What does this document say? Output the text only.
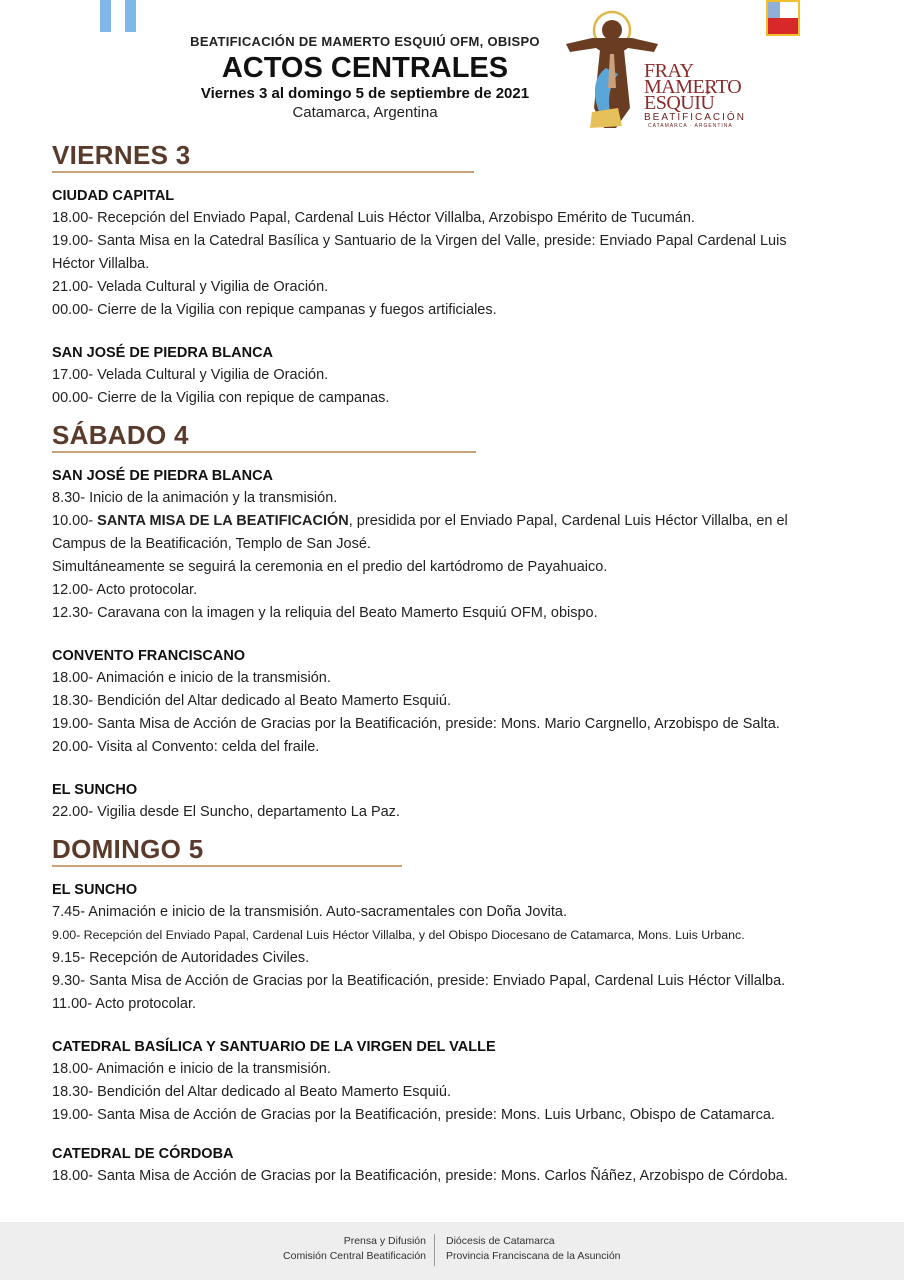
BEATIFICACIÓN DE MAMERTO ESQUIÚ OFM, OBISPO
ACTOS CENTRALES
Viernes 3 al domingo 5 de septiembre de 2021
Catamarca, Argentina
FRAY
MAMERTO
ESQUIÚ
BEATIFICACIÓN
CATAMARCA · ARGENTINA
VIERNES 3
CIUDAD CAPITAL
18.00- Recepción del Enviado Papal, Cardenal Luis Héctor Villalba, Arzobispo Emérito de Tucumán.
19.00- Santa Misa en la Catedral Basílica y Santuario de la Virgen del Valle, preside: Enviado Papal Cardenal Luis
Héctor Villalba.
21.00- Velada Cultural y Vigilia de Oración.
00.00- Cierre de la Vigilia con repique campanas y fuegos artificiales.
SAN JOSÉ DE PIEDRA BLANCA
17.00- Velada Cultural y Vigilia de Oración.
00.00- Cierre de la Vigilia con repique de campanas.
SÁBADO 4
SAN JOSÉ DE PIEDRA BLANCA
8.30- Inicio de la animación y la transmisión.
10.00- SANTA MISA DE LA BEATIFICACIÓN, presidida por el Enviado Papal, Cardenal Luis Héctor Villalba, en el
Campus de la Beatificación, Templo de San José.
Simultáneamente se seguirá la ceremonia en el predio del kartódromo de Payahuaico.
12.00- Acto protocolar.
12.30- Caravana con la imagen y la reliquia del Beato Mamerto Esquiú OFM, obispo.
CONVENTO FRANCISCANO
18.00- Animación e inicio de la transmisión.
18.30- Bendición del Altar dedicado al Beato Mamerto Esquiú.
19.00- Santa Misa de Acción de Gracias por la Beatificación, preside: Mons. Mario Cargnello, Arzobispo de Salta.
20.00- Visita al Convento: celda del fraile.
EL SUNCHO
22.00- Vigilia desde El Suncho, departamento La Paz.
DOMINGO 5
EL SUNCHO
7.45- Animación e inicio de la transmisión. Auto-sacramentales con Doña Jovita.
9.00- Recepción del Enviado Papal, Cardenal Luis Héctor Villalba, y del Obispo Diocesano de Catamarca, Mons. Luis Urbanc.
9.15- Recepción de Autoridades Civiles.
9.30- Santa Misa de Acción de Gracias por la Beatificación, preside: Enviado Papal, Cardenal Luis Héctor Villalba.
11.00- Acto protocolar.
CATEDRAL BASÍLICA Y SANTUARIO DE LA VIRGEN DEL VALLE
18.00- Animación e inicio de la transmisión.
18.30- Bendición del Altar dedicado al Beato Mamerto Esquiú.
19.00- Santa Misa de Acción de Gracias por la Beatificación, preside: Mons. Luis Urbanc, Obispo de Catamarca.
CATEDRAL DE CÓRDOBA
18.00- Santa Misa de Acción de Gracias por la Beatificación, preside: Mons. Carlos Ñáñez, Arzobispo de Córdoba.
Prensa y Difusión
Comisión Central Beatificación
Diócesis de Catamarca
Provincia Franciscana de la Asunción
